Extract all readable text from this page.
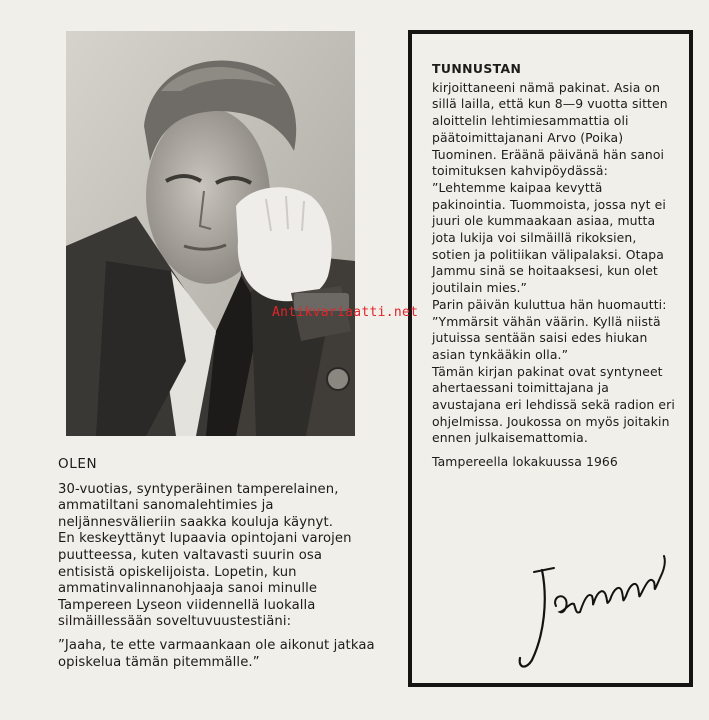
OLEN

30-vuotias, syntyperäinen tamperelainen, ammatiltani sanomalehtimies ja neljännesvälieriin saakka kouluja käynyt.

En keskeyttänyt lupaavia opintojani varojen puutteessa, kuten valtavasti suurin osa entisistä opiskelijoista. Lopetin, kun ammatinvalinnanohjaaja sanoi minulle Tampereen Lyseon viidennellä luokalla silmäillessään soveltuvuustestiäni:

”Jaaha, te ette varmaankaan ole aikonut jatkaa opiskelua tämän pitemmälle.”

TUNNUSTAN

kirjoittaneeni nämä pakinat. Asia on sillä lailla, että kun 8—9 vuotta sitten aloittelin lehtimiesammattia oli päätoimittajanani Arvo (Poika) Tuominen. Eräänä päivänä hän sanoi toimituksen kahvipöydässä:

”Lehtemme kaipaa kevyttä pakinointia. Tuommoista, jossa nyt ei juuri ole kummaakaan asiaa, mutta jota lukija voi silmäillä rikoksien, sotien ja politiikan välipalaksi. Otapa Jammu sinä se hoitaaksesi, kun olet joutilain mies.”

Parin päivän kuluttua hän huomautti:

”Ymmärsit vähän väärin. Kyllä niistä jutuissa sentään saisi edes hiukan asian tynkääkin olla.”

Tämän kirjan pakinat ovat syntyneet ahertaessani toimittajana ja avustajana eri lehdissä sekä radion eri ohjelmissa. Joukossa on myös joitakin ennen julkaisemattomia.

Tampereella lokakuussa 1966

Antikvariaatti.net
